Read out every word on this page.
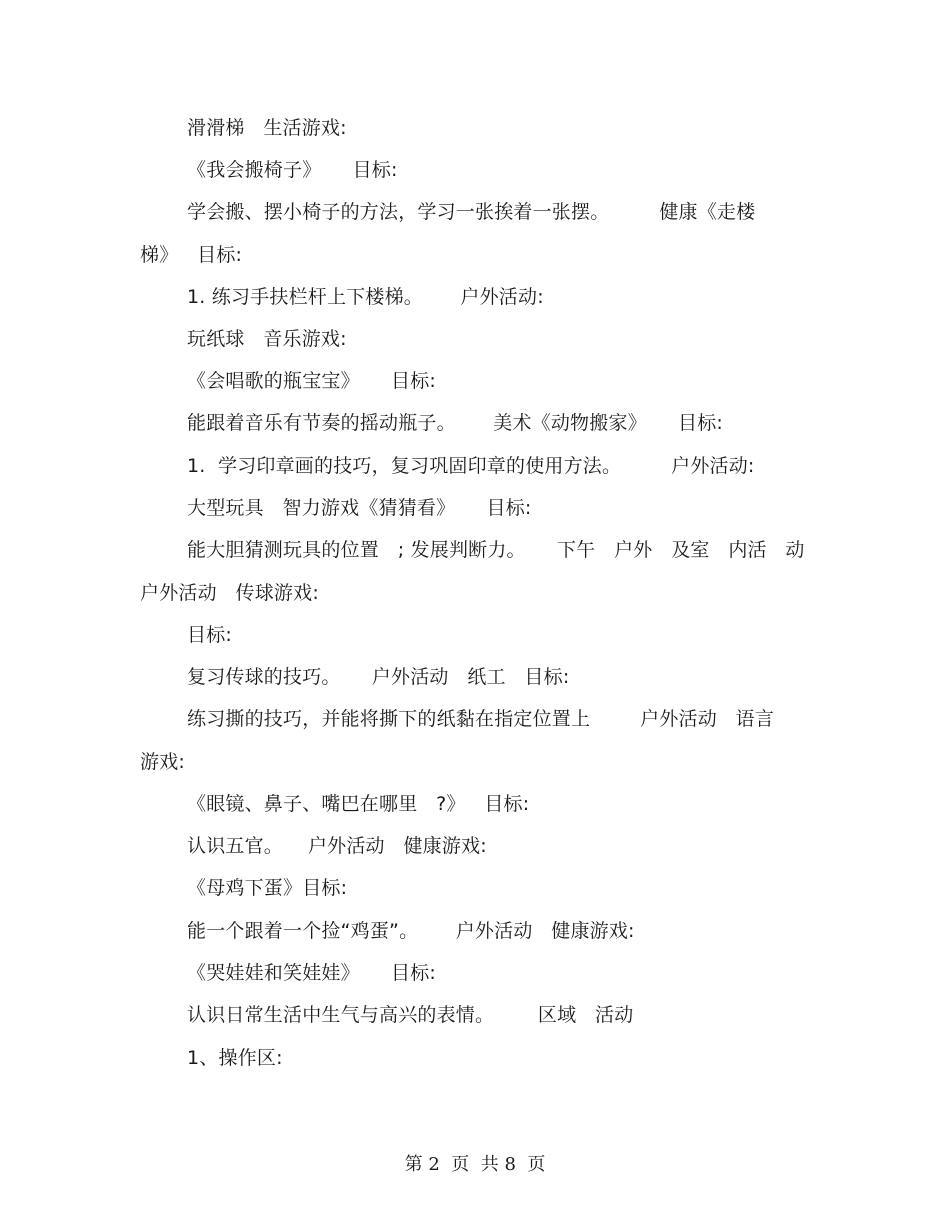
滑滑梯   生活游戏:
《我会搬椅子》     目标:
学会搬、摆小椅子的方法，学习一张挨着一张摆。        健康《走楼
梯》   目标:
1. 练习手扶栏杆上下楼梯。      户外活动:
玩纸球   音乐游戏:
《会唱歌的瓶宝宝》     目标:
能跟着音乐有节奏的摇动瓶子。      美术《动物搬家》     目标:
1.  学习印章画的技巧，复习巩固印章的使用方法。        户外活动:
大型玩具   智力游戏《猜猜看》     目标:
能大胆猜测玩具的位置   ; 发展判断力。     下午   户外   及室   内活   动
户外活动   传球游戏:
目标:
复习传球的技巧。     户外活动   纸工   目标:
练习撕的技巧，并能将撕下的纸黏在指定位置上        户外活动   语言
游戏:
《眼镜、鼻子、嘴巴在哪里   ?》   目标:
认识五官。    户外活动   健康游戏:
《母鸡下蛋》目标:
能一个跟着一个捡“鸡蛋”。      户外活动   健康游戏:
《哭娃娃和笑娃娃》     目标:
认识日常生活中生气与高兴的表情。       区域   活动
1、操作区:
第 2  页  共 8  页
